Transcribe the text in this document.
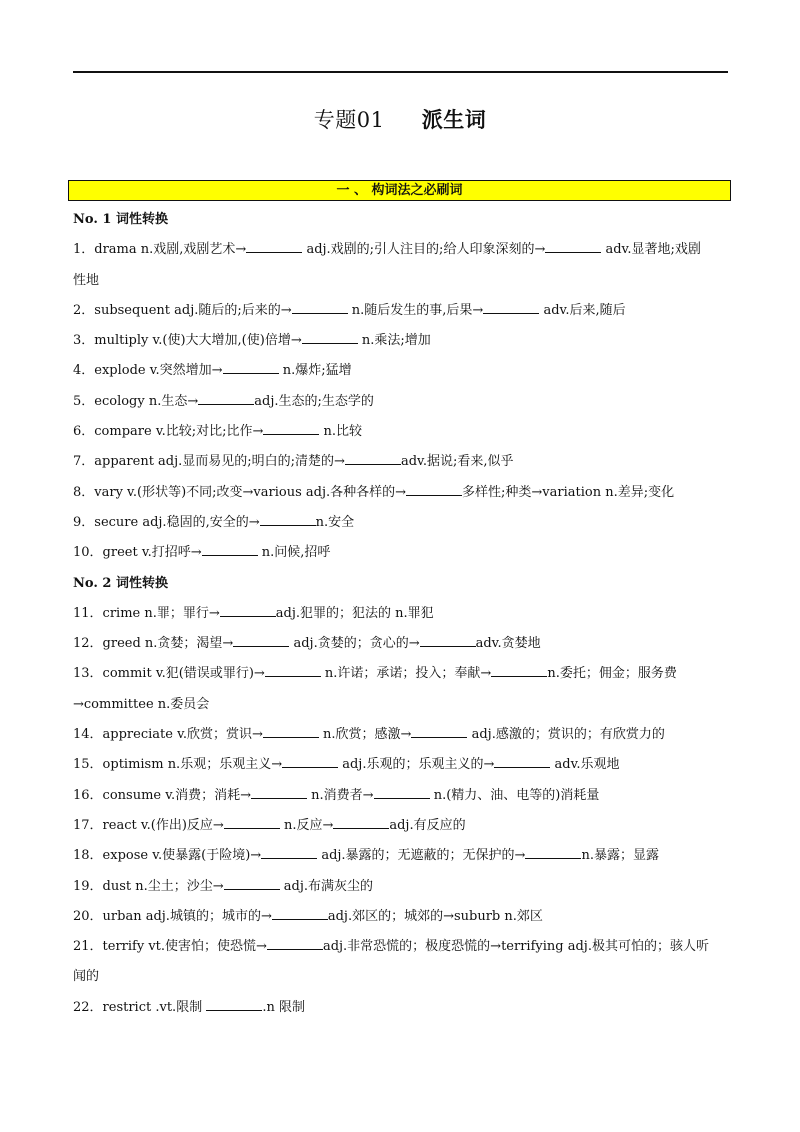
专题01 派生词
一 、 构词法之必刷词
No. 1 词性转换
1．drama n.戏剧,戏剧艺术→	adj.戏剧的;引人注目的;给人印象深刻的→	adv.显著地;戏剧
性地
2．subsequent adj.随后的;后来的→	n.随后发生的事,后果→	adv.后来,随后
3．multiply v.(使)大大增加,(使)倍增→	n.乘法;增加
4．explode v.突然增加→	n.爆炸;猛增
5．ecology n.生态→	adj.生态的;生态学的
6．compare v.比较;对比;比作→	n.比较
7．apparent adj.显而易见的;明白的;清楚的→	adv.据说;看来,似乎
8．vary v.(形状等)不同;改变→various adj.各种各样的→	多样性;种类→variation n.差异;变化
9．secure adj.稳固的,安全的→	n.安全
10．greet v.打招呼→	n.问候,招呼
No. 2 词性转换
11．crime n.罪；罪行→	adj.犯罪的；犯法的 n.罪犯
12．greed n.贪婪；渴望→	adj.贪婪的；贪心的→	adv.贪婪地
13．commit v.犯(错误或罪行)→	n.许诺；承诺；投入；奉献→	n.委托；佣金；服务费
→committee n.委员会
14．appreciate v.欣赏；赏识→	n.欣赏；感激→	adj.感激的；赏识的；有欣赏力的
15．optimism n.乐观；乐观主义→	adj.乐观的；乐观主义的→	adv.乐观地
16．consume v.消费；消耗→	n.消费者→	n.(精力、油、电等的)消耗量
17．react v.(作出)反应→	n.反应→	adj.有反应的
18．expose v.使暴露(于险境)→	adj.暴露的；无遮蔽的；无保护的→	n.暴露；显露
19．dust n.尘土；沙尘→	adj.布满灰尘的
20．urban adj.城镇的；城市的→	adj.郊区的；城郊的→suburb n.郊区
21．terrify vt.使害怕；使恐慌→	adj.非常恐慌的；极度恐慌的→terrifying adj.极其可怕的；骇人听
闻的
22．restrict .vt.限制	.n 限制
